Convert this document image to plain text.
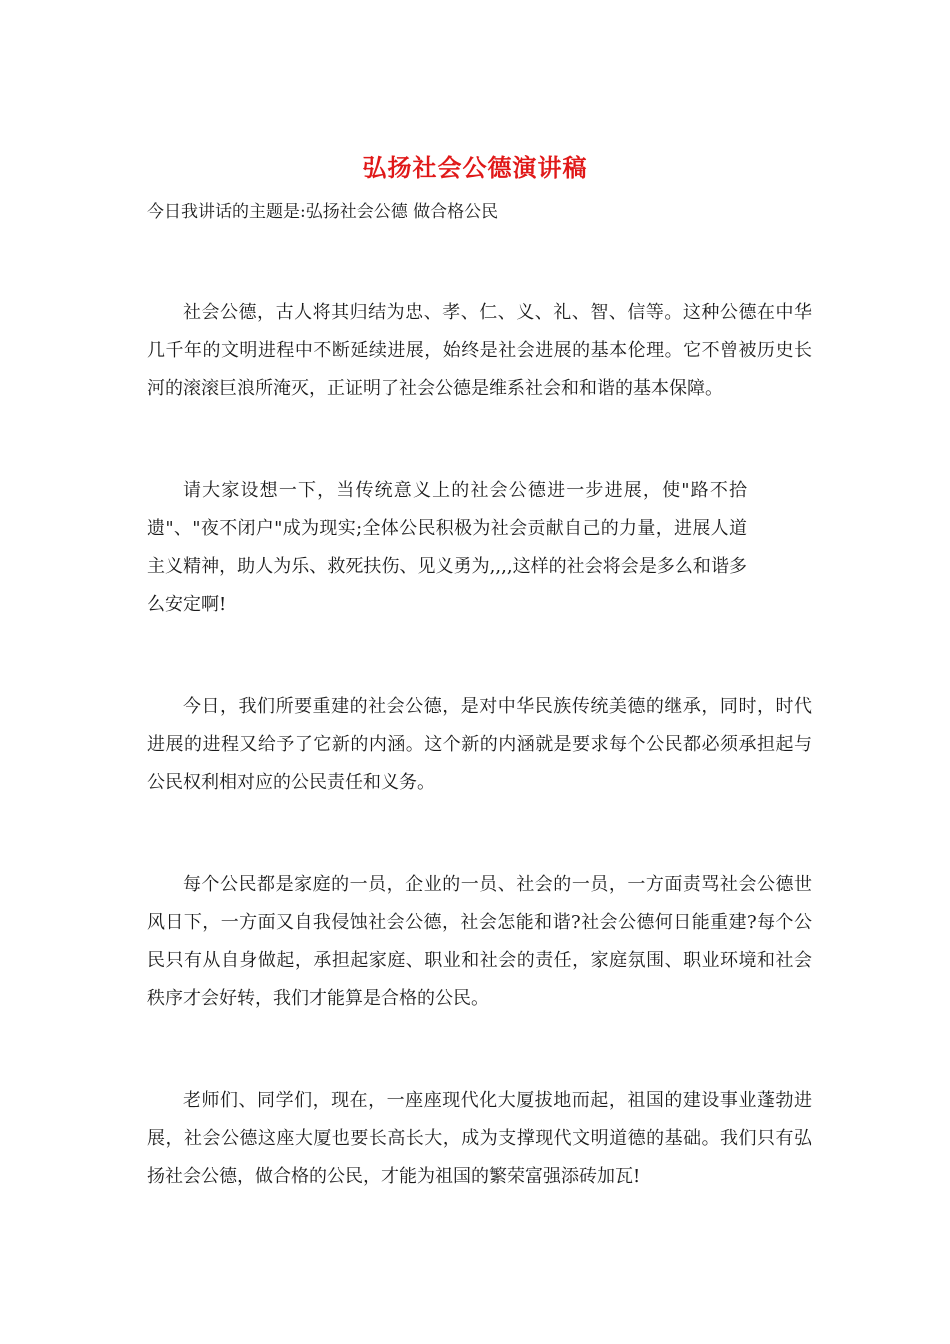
弘扬社会公德演讲稿
今日我讲话的主题是:弘扬社会公德 做合格公民

社会公德，古人将其归结为忠、孝、仁、义、礼、智、信等。这种公德在中华几千年的文明进程中不断延续进展，始终是社会进展的基本伦理。它不曾被历史长河的滚滚巨浪所淹灭，正证明了社会公德是维系社会和和谐的基本保障。

请大家设想一下，当传统意义上的社会公德进一步进展，使"路不拾遗"、"夜不闭户"成为现实;全体公民积极为社会贡献自己的力量，进展人道主义精神，助人为乐、救死扶伤、见义勇为,,,,这样的社会将会是多么和谐多么安定啊!

今日，我们所要重建的社会公德，是对中华民族传统美德的继承，同时，时代进展的进程又给予了它新的内涵。这个新的内涵就是要求每个公民都必须承担起与公民权利相对应的公民责任和义务。

每个公民都是家庭的一员，企业的一员、社会的一员，一方面责骂社会公德世风日下，一方面又自我侵蚀社会公德，社会怎能和谐?社会公德何日能重建?每个公民只有从自身做起，承担起家庭、职业和社会的责任，家庭氛围、职业环境和社会秩序才会好转，我们才能算是合格的公民。

老师们、同学们，现在，一座座现代化大厦拔地而起，祖国的建设事业蓬勃进展，社会公德这座大厦也要长高长大，成为支撑现代文明道德的基础。我们只有弘扬社会公德，做合格的公民，才能为祖国的繁荣富强添砖加瓦!
